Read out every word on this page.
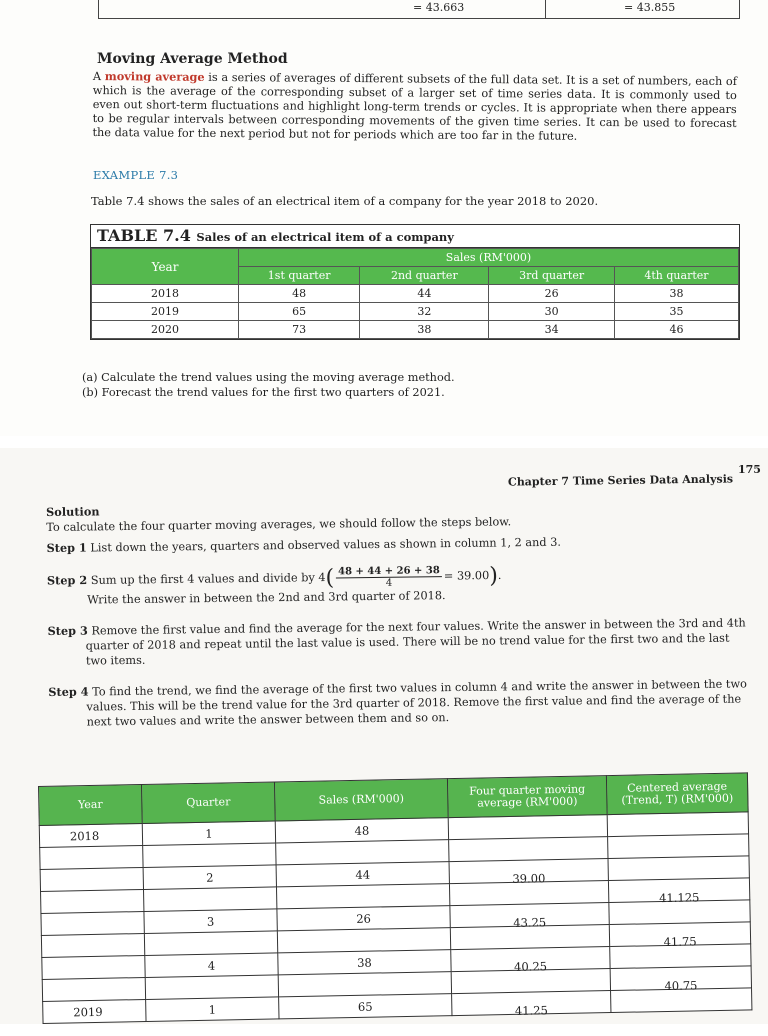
= 43.663	= 43.855
Moving Average Method

A moving average is a series of averages of different subsets of the full data set. It is a set of numbers, each of which is the average of the corresponding subset of a larger set of time series data. It is commonly used to even out short-term fluctuations and highlight long-term trends or cycles. It is appropriate when there appears to be regular intervals between corresponding movements of the given time series. It can be used to forecast the data value for the next period but not for periods which are too far in the future.

EXAMPLE 7.3

Table 7.4 shows the sales of an electrical item of a company for the year 2018 to 2020.

TABLE 7.4 Sales of an electrical item of a company
Year	Sales (RM'000)			
	1st quarter	2nd quarter	3rd quarter	4th quarter
2018	48	44	26	38
2019	65	32	30	35
2020	73	38	34	46
(a) Calculate the trend values using the moving average method.
(b) Forecast the trend values for the first two quarters of 2021.
Chapter 7 Time Series Data Analysis
175

Solution

To calculate the four quarter moving averages, we should follow the steps below.

Step 1 List down the years, quarters and observed values as shown in column 1, 2 and 3.

Step 2 Sum up the first 4 values and divide by $4( \frac{48 + 44 + 26 + 38}{4} = 39.00)$.

Write the answer in between the 2nd and 3rd quarter of 2018.

Step 3 Remove the first value and find the average for the next four values. Write the answer in between the 3rd and 4th quarter of 2018 and repeat until the last value is used. There will be no trend value for the first two and the last two items.

Step 4 To find the trend, we find the average of the first two values in column 4 and write the answer in between the two values. This will be the trend value for the 3rd quarter of 2018. Remove the first value and find the average of the next two values and write the answer between them and so on.

Year	Quarter	Sales (RM'000)	Four quarter moving average (RM'000)	Centered average (Trend, T) (RM'000)
2018	1	48		

	2	44	39.00	

				41.125

	3	26	43.25	

				41.75

	4	38	40.25	

				40.75

2019	1	65	41.25	
